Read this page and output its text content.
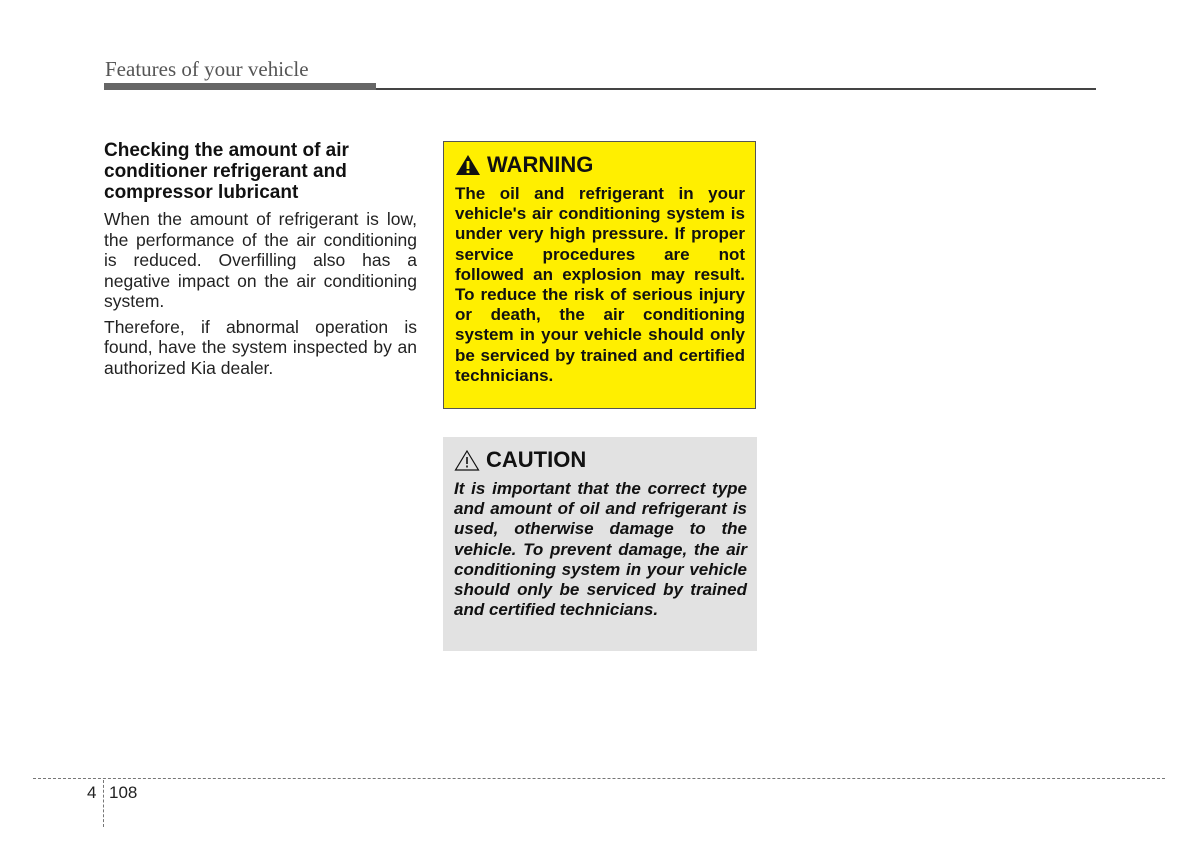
Features of your vehicle
Checking the amount of air conditioner refrigerant and compressor lubricant

When the amount of refrigerant is low, the performance of the air conditioning is reduced. Overfilling also has a negative impact on the air conditioning system.

Therefore, if abnormal operation is found, have the system inspected by an authorized Kia dealer.

WARNING
The oil and refrigerant in your vehicle's air conditioning system is under very high pressure. If proper service procedures are not followed an explosion may result. To reduce the risk of serious injury or death, the air conditioning system in your vehicle should only be serviced by trained and certified technicians.
CAUTION
It is important that the correct type and amount of oil and refrigerant is used, otherwise damage to the vehicle. To prevent damage, the air conditioning system in your vehicle should only be serviced by trained and certified technicians.
4 108
